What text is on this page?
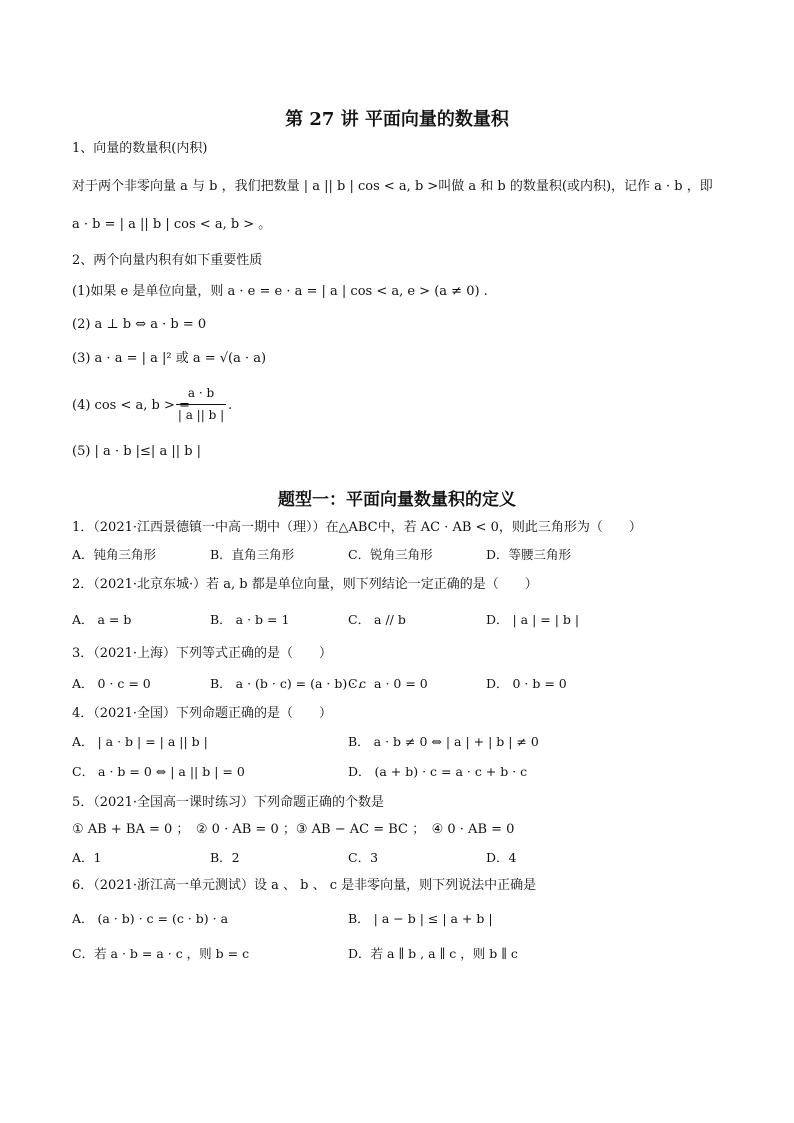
第 27 讲 平面向量的数量积
1、向量的数量积(内积)
对于两个非零向量 a 与 b ，我们把数量 | a || b | cos < a, b >叫做 a 和 b 的数量积(或内积)，记作 a · b ，即
a · b = | a || b | cos < a, b > 。
2、两个向量内积有如下重要性质
(1)如果 e 是单位向量，则 a · e = e · a = | a | cos < a, e > (a ≠ 0) .
(2) a ⊥ b ⇔ a · b = 0
(3) a · a = | a |² 或 a = √(a · a)
(4) cos < a, b > =
a · b
| a || b |
.
(5) | a · b |≤| a || b |
题型一：平面向量数量积的定义
1．（2021·江西景德镇一中高一期中（理））在△ABC中，若 AC · AB < 0，则此三角形为（　　）
A．钝角三角形	B．直角三角形	C．锐角三角形	D．等腰三角形
2．（2021·北京东城·）若 a, b 都是单位向量，则下列结论一定正确的是（　　）
A． a = b	B． a · b = 1	C． a // b	D． | a | = | b |
3．（2021·上海）下列等式正确的是（　　）
A． 0 · c = 0	B． a · (b · c) = (a · b) · c
C． a · 0 = 0	D． 0 · b = 0
4．（2021·全国）下列命题正确的是（　　）
A． | a · b | = | a || b |	B． a · b ≠ 0 ⇔ | a | + | b | ≠ 0
C． a · b = 0 ⇔ | a || b | = 0	D． (a + b) · c = a · c + b · c
5．（2021·全国高一课时练习）下列命题正确的个数是
① AB + BA = 0 ；　② 0 · AB = 0 ；③ AB − AC = BC ；　④ 0 · AB = 0
A．1	B．2	C．3	D．4
6．（2021·浙江高一单元测试）设 a 、 b 、 c 是非零向量，则下列说法中正确是
A． (a · b) · c = (c · b) · a	B． | a − b | ≤ | a + b |
C．若 a · b = a · c ，则 b = c	D．若 a ∥ b , a ∥ c ，则 b ∥ c
